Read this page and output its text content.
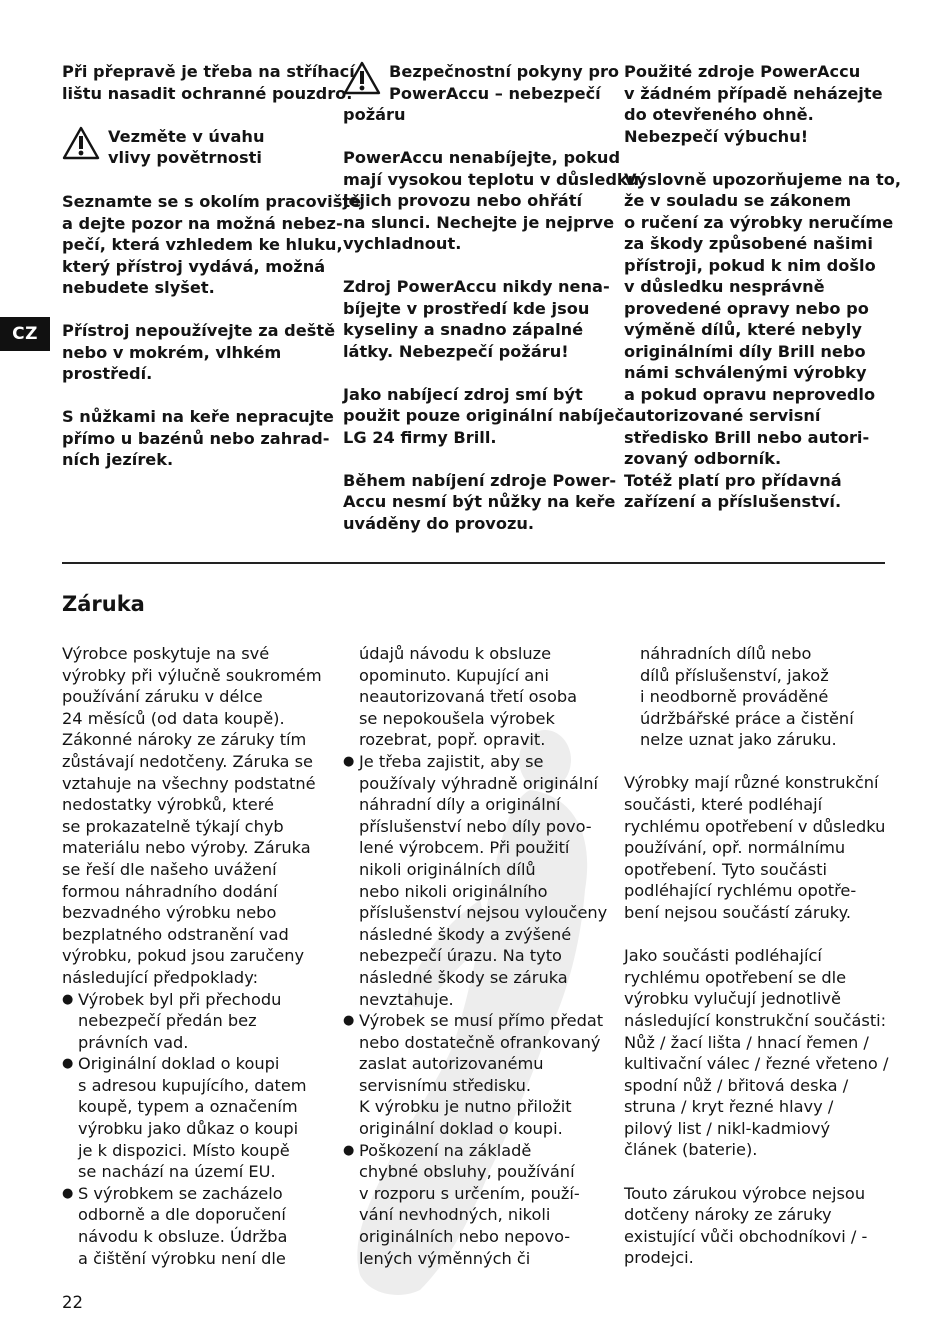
CZ
Při přepravě je třeba na stříhací
lištu nasadit ochranné pouzdro.
Vezměte v úvahu
vlivy povětrnosti
Seznamte se s okolím pracoviště
a dejte pozor na možná nebez-
pečí, která vzhledem ke hluku,
který přístroj vydává, možná
nebudete slyšet.
Přístroj nepoužívejte za deště
nebo v mokrém, vlhkém
prostředí.
S nůžkami na keře nepracujte
přímo u bazénů nebo zahrad-
ních jezírek.
Bezpečnostní pokyny pro
PowerAccu – nebezpečí
požáru
PowerAccu nenabíjejte, pokud
mají vysokou teplotu v důsledku
jejich provozu nebo ohřátí
na slunci. Nechejte je nejprve
vychladnout.
Zdroj PowerAccu nikdy nena-
bíjejte v prostředí kde jsou
kyseliny a snadno zápalné
látky. Nebezpečí požáru!
Jako nabíjecí zdroj smí být
použit pouze originální nabíječ
LG 24 firmy Brill.
Během nabíjení zdroje Power-
Accu nesmí být nůžky na keře
uváděny do provozu.
Použité zdroje PowerAccu
v žádném případě neházejte
do otevřeného ohně.
Nebezpečí výbuchu!
Výslovně upozorňujeme na to,
že v souladu se zákonem
o ručení za výrobky neručíme
za škody způsobené našimi
přístroji, pokud k nim došlo
v důsledku nesprávně
provedené opravy nebo po
výměně dílů, které nebyly
originálními díly Brill nebo
námi schválenými výrobky
a pokud opravu neprovedlo
autorizované servisní
středisko Brill nebo autori-
zovaný odborník.
Totéž platí pro přídavná
zařízení a příslušenství.
Záruka
Výrobce poskytuje na své
výrobky při výlučně soukromém
používání záruku v délce
24 měsíců (od data koupě).
Zákonné nároky ze záruky tím
zůstávají nedotčeny. Záruka se
vztahuje na všechny podstatné
nedostatky výrobků, které
se prokazatelně týkají chyb
materiálu nebo výroby. Záruka
se řeší dle našeho uvážení
formou náhradního dodání
bezvadného výrobku nebo
bezplatného odstranění vad
výrobku, pokud jsou zaručeny
následující předpoklady:
● Výrobek byl při přechodu
nebezpečí předán bez
právních vad.
● Originální doklad o koupi
s adresou kupujícího, datem
koupě, typem a označením
výrobku jako důkaz o koupi
je k dispozici. Místo koupě
se nachází na území EU.
● S výrobkem se zacházelo
odborně a dle doporučení
návodu k obsluze. Údržba
a čištění výrobku není dle
údajů návodu k obsluze
opominuto. Kupující ani
neautorizovaná třetí osoba
se nepokoušela výrobek
rozebrat, popř. opravit.
● Je třeba zajistit, aby se
používaly výhradně originální
náhradní díly a originální
příslušenství nebo díly povo-
lené výrobcem. Při použití
nikoli originálních dílů
nebo nikoli originálního
příslušenství nejsou vyloučeny
následné škody a zvýšené
nebezpečí úrazu. Na tyto
následné škody se záruka
nevztahuje.
● Výrobek se musí přímo předat
nebo dostatečně ofrankovaný
zaslat autorizovanému
servisnímu středisku.
K výrobku je nutno přiložit
originální doklad o koupi.
● Poškození na základě
chybné obsluhy, používání
v rozporu s určením, použí-
vání nevhodných, nikoli
originálních nebo nepovo-
lených výměnných či
náhradních dílů nebo
dílů příslušenství, jakož
i neodborně prováděné
údržbářské práce a čistění
nelze uznat jako záruku.
Výrobky mají různé konstrukční
součásti, které podléhají
rychlému opotřebení v důsledku
používání, opř. normálnímu
opotřebení. Tyto součásti
podléhající rychlému opotře-
bení nejsou součástí záruky.
Jako součásti podléhající
rychlému opotřebení se dle
výrobku vylučují jednotlivě
následující konstrukční součásti:
Nůž / žací lišta / hnací řemen /
kultivační válec / řezné vřeteno /
spodní nůž / břitová deska /
struna / kryt řezné hlavy /
pilový list / nikl-kadmiový
článek (baterie).
Touto zárukou výrobce nejsou
dotčeny nároky ze záruky
existující vůči obchodníkovi / -
prodejci.
22
